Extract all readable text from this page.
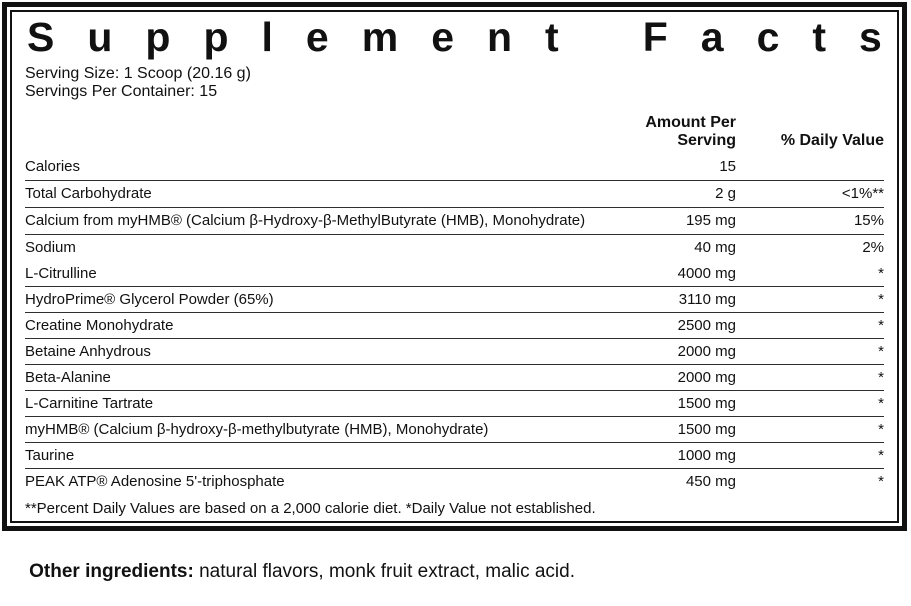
S u p p l e m e n t F a c t s
Serving Size: 1 Scoop (20.16 g)
Servings Per Container: 15
Amount Per Serving	% Daily Value
Calories	15
Total Carbohydrate	2 g	<1%**
Calcium from myHMB® (Calcium β-Hydroxy-β-MethylButyrate (HMB), Monohydrate)	195 mg	15%
Sodium	40 mg	2%
L-Citrulline	4000 mg	*
HydroPrime® Glycerol Powder (65%)	3110 mg	*
Creatine Monohydrate	2500 mg	*
Betaine Anhydrous	2000 mg	*
Beta-Alanine	2000 mg	*
L-Carnitine Tartrate	1500 mg	*
myHMB® (Calcium β-hydroxy-β-methylbutyrate (HMB), Monohydrate)	1500 mg	*
Taurine	1000 mg	*
PEAK ATP® Adenosine 5'-triphosphate	450 mg	*
**Percent Daily Values are based on a 2,000 calorie diet. *Daily Value not established.

Other ingredients: natural flavors, monk fruit extract, malic acid.
